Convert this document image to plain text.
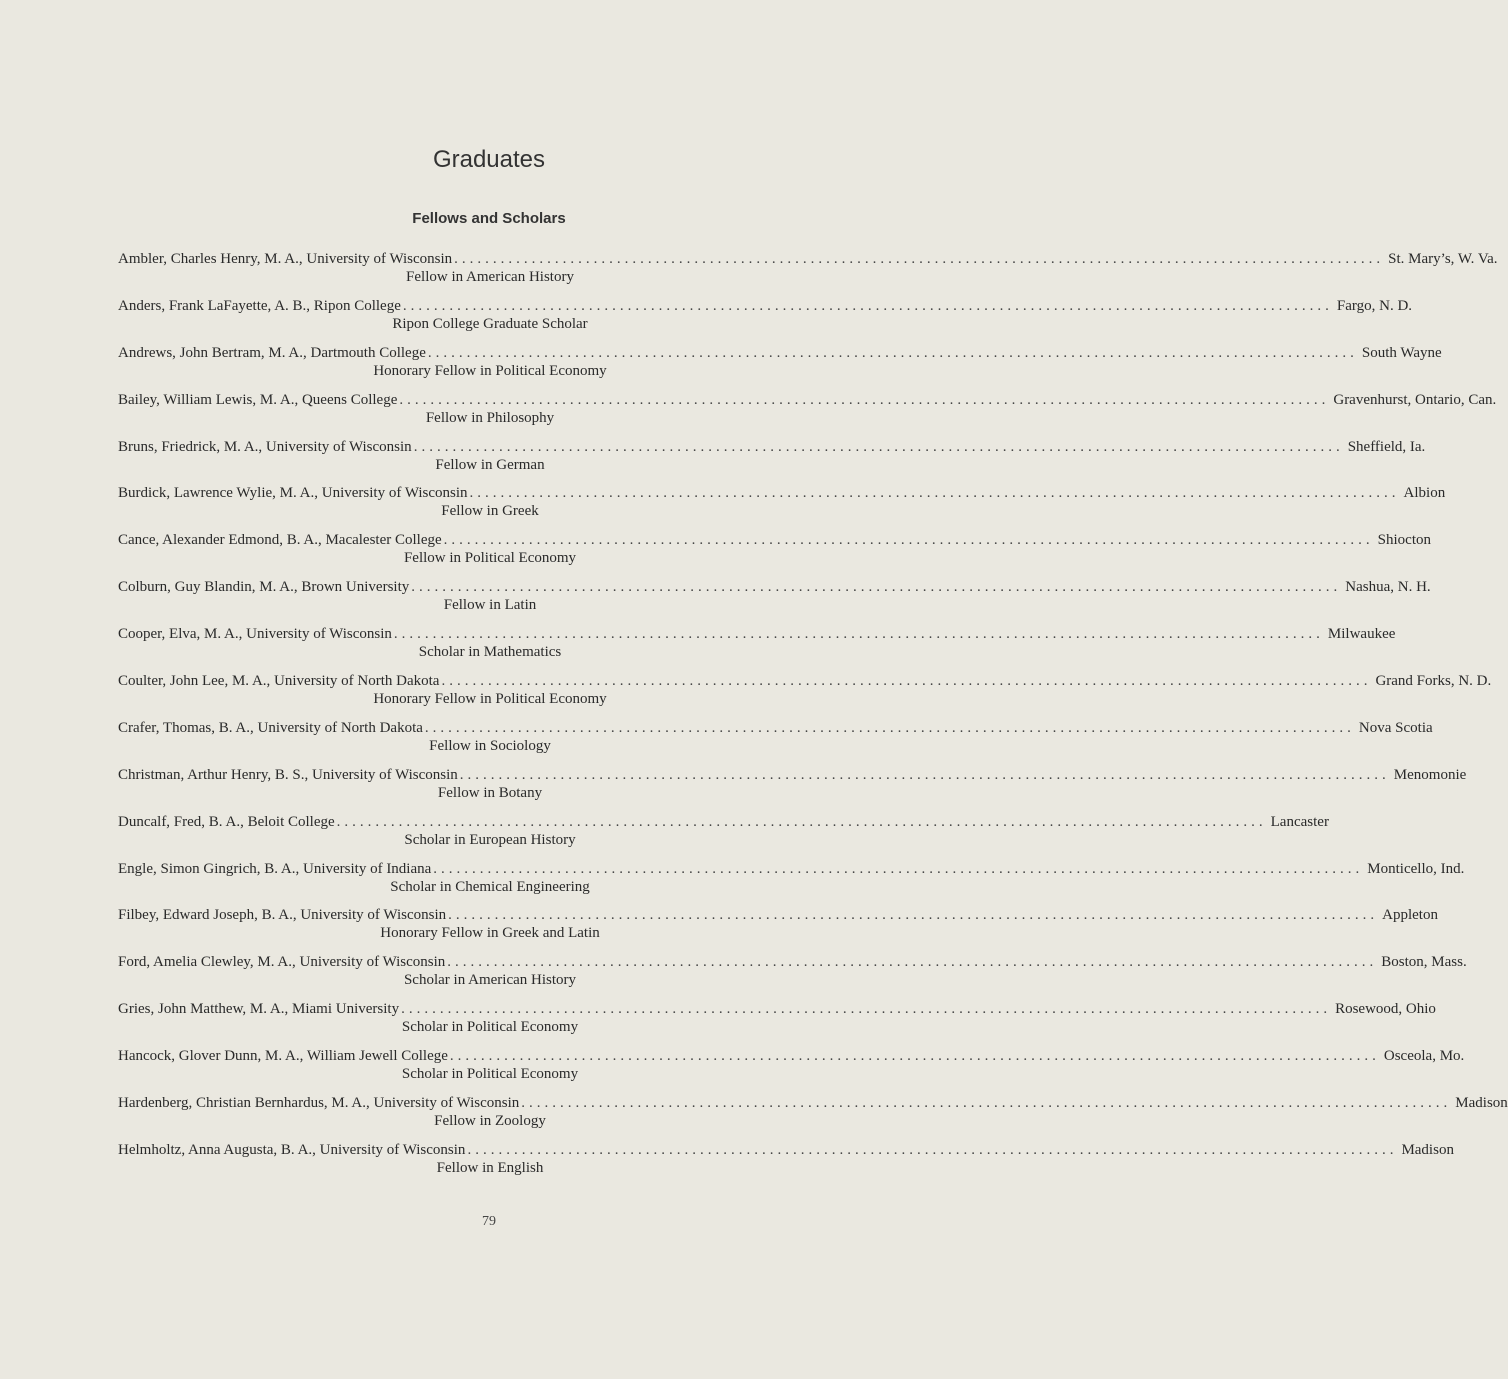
Graduates
Fellows and Scholars
Ambler, Charles Henry, M. A., University of Wisconsin ........................................................................................................................ St. Mary’s, W. Va.
Fellow in American History
Anders, Frank LaFayette, A. B., Ripon College ........................................................................................................................ Fargo, N. D.
Ripon College Graduate Scholar
Andrews, John Bertram, M. A., Dartmouth College ........................................................................................................................ South Wayne
Honorary Fellow in Political Economy
Bailey, William Lewis, M. A., Queens College ........................................................................................................................ Gravenhurst, Ontario, Can.
Fellow in Philosophy
Bruns, Friedrick, M. A., University of Wisconsin ........................................................................................................................ Sheffield, Ia.
Fellow in German
Burdick, Lawrence Wylie, M. A., University of Wisconsin ........................................................................................................................ Albion
Fellow in Greek
Cance, Alexander Edmond, B. A., Macalester College ........................................................................................................................ Shiocton
Fellow in Political Economy
Colburn, Guy Blandin, M. A., Brown University ........................................................................................................................ Nashua, N. H.
Fellow in Latin
Cooper, Elva, M. A., University of Wisconsin ........................................................................................................................ Milwaukee
Scholar in Mathematics
Coulter, John Lee, M. A., University of North Dakota ........................................................................................................................ Grand Forks, N. D.
Honorary Fellow in Political Economy
Crafer, Thomas, B. A., University of North Dakota ........................................................................................................................ Nova Scotia
Fellow in Sociology
Christman, Arthur Henry, B. S., University of Wisconsin ........................................................................................................................ Menomonie
Fellow in Botany
Duncalf, Fred, B. A., Beloit College ........................................................................................................................ Lancaster
Scholar in European History
Engle, Simon Gingrich, B. A., University of Indiana ........................................................................................................................ Monticello, Ind.
Scholar in Chemical Engineering
Filbey, Edward Joseph, B. A., University of Wisconsin ........................................................................................................................ Appleton
Honorary Fellow in Greek and Latin
Ford, Amelia Clewley, M. A., University of Wisconsin ........................................................................................................................ Boston, Mass.
Scholar in American History
Gries, John Matthew, M. A., Miami University ........................................................................................................................ Rosewood, Ohio
Scholar in Political Economy
Hancock, Glover Dunn, M. A., William Jewell College ........................................................................................................................ Osceola, Mo.
Scholar in Political Economy
Hardenberg, Christian Bernhardus, M. A., University of Wisconsin ........................................................................................................................ Madison
Fellow in Zoology
Helmholtz, Anna Augusta, B. A., University of Wisconsin ........................................................................................................................ Madison
Fellow in English
79
